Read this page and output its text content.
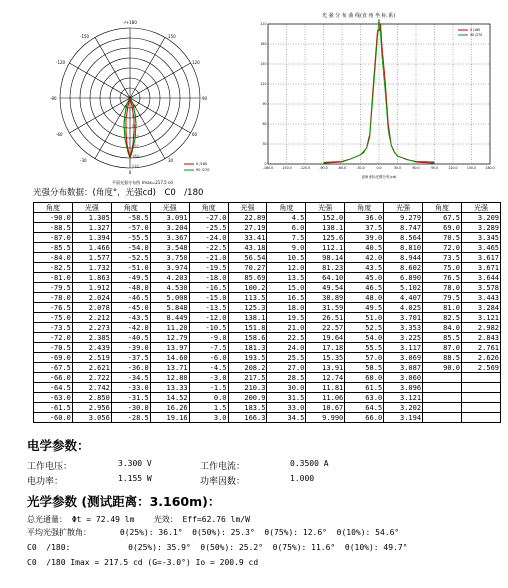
-/+180
0
150
120
90
60
30
-150
-120
-90
-60
-30
30
60
90
120
150
180
210
平面光强分布图 Imax=217.5 cd
0 /180
90 /270
光 强 分 布 曲 线(直 角 坐 标 系)
210
180
150
120
90
60
30
0
-180.0	-150.0	-120.0	-90.0	-60.0	-30.0	0.0	30.0	60.0	90.0	120.0	150.0	180.0
0 /180
90 /270
直角坐标光强分布(cd)
光强分布数据：(角度°，光强cd)　C0　/180
角度	光强	角度	光强	角度	光强	角度	光强	角度	光强	角度	光强
-90.0	1.305	-58.5	3.091	-27.0	22.89	4.5	152.0	36.0	9.279	67.5	3.209
-88.5	1.327	-57.0	3.204	-25.5	27.19	6.0	138.1	37.5	8.747	69.0	3.289
-87.0	1.394	-55.5	3.367	-24.0	33.41	7.5	125.6	39.0	8.564	70.5	3.345
-85.5	1.466	-54.0	3.548	-22.5	43.18	9.0	112.1	40.5	8.810	72.0	3.465
-84.0	1.577	-52.5	3.750	-21.0	56.54	10.5	98.14	42.0	8.944	73.5	3.617
-82.5	1.732	-51.0	3.974	-19.5	70.27	12.0	81.23	43.5	8.602	75.0	3.671
-81.0	1.863	-49.5	4.203	-18.0	85.69	13.5	64.10	45.0	6.890	76.5	3.644
-79.5	1.912	-48.0	4.530	-16.5	100.2	15.0	49.54	46.5	5.102	78.0	3.578
-78.0	2.024	-46.5	5.008	-15.0	113.5	16.5	38.89	48.0	4.407	79.5	3.443
-76.5	2.078	-45.0	5.848	-13.5	125.3	18.0	31.59	49.5	4.025	81.0	3.284
-75.0	2.212	-43.5	8.449	-12.0	138.1	19.5	26.51	51.0	3.701	82.5	3.121
-73.5	2.273	-42.0	11.20	-10.5	151.8	21.0	22.57	52.5	3.353	84.0	2.982
-72.0	2.385	-40.5	12.79	-9.0	158.6	22.5	19.64	54.0	3.225	85.5	2.843
-70.5	2.439	-39.0	13.97	-7.5	181.3	24.0	17.18	55.5	3.117	87.0	2.761
-69.0	2.519	-37.5	14.60	-6.0	193.5	25.5	15.35	57.0	3.069	88.5	2.626
-67.5	2.621	-36.0	13.71	-4.5	208.2	27.0	13.91	58.5	3.087	90.0	2.569
-66.0	2.722	-34.5	12.80	-3.0	217.5	28.5	12.74	60.0	3.060		
-64.5	2.742	-33.0	13.33	-1.5	210.3	30.0	11.81	61.5	3.096		
-63.0	2.850	-31.5	14.52	0.0	200.9	31.5	11.06	63.0	3.121		
-61.5	2.956	-30.0	16.26	1.5	183.5	33.0	10.67	64.5	3.202		
-60.0	3.056	-28.5	19.16	3.0	166.3	34.5	9.990	66.0	3.194		
电学参数：
工作电压：	3.300 V	工作电流：	0.3500 A
电功率：	1.155 W	功率因数：	1.000
光学参数 (测试距离：3.160m)：
总光通量： Φt = 72.49 lm    光效： Eff=62.76 lm/W
平均光强扩散角：      θ(25%): 36.1°  θ(50%): 25.3°  θ(75%): 12.6°  θ(10%): 54.6°
C0  /180:            θ(25%): 35.9°  θ(50%): 25.2°  θ(75%): 11.6°  θ(10%): 49.7°
C0  /180 Imax = 217.5 cd (G=-3.0°) Io = 200.9 cd
